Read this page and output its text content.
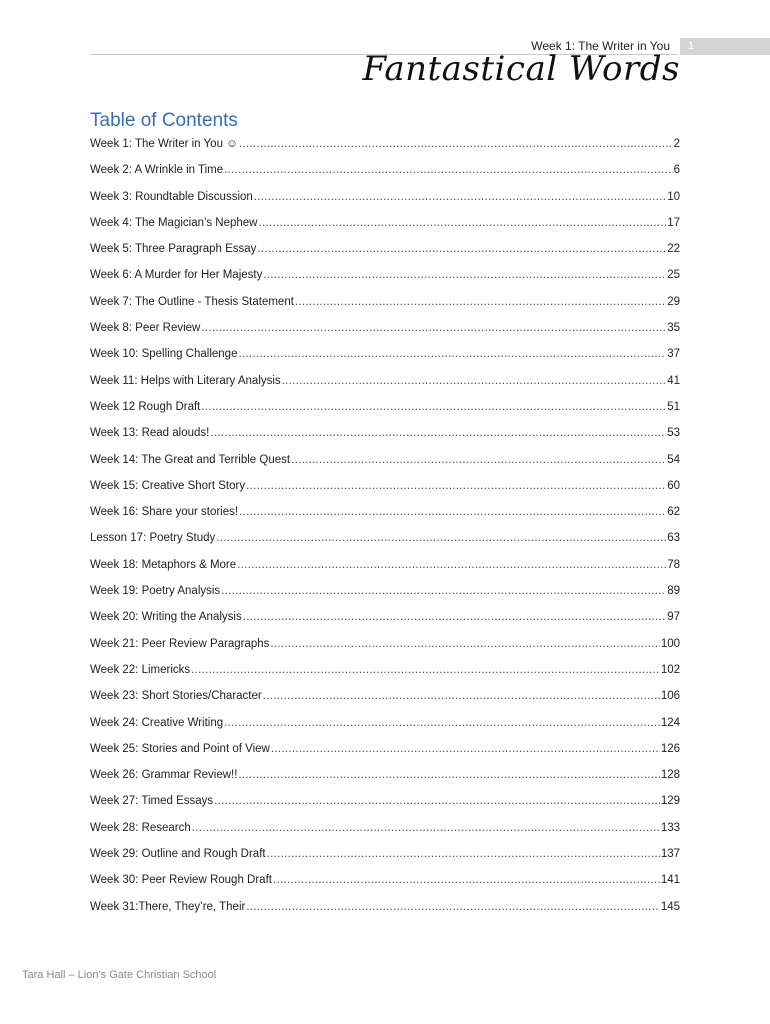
Week 1: The Writer in You	1
Fantastical Words
Table of Contents
Week 1: The Writer in You ☺ .....	2
Week 2: A Wrinkle in Time .....	6
Week 3: Roundtable Discussion .....	10
Week 4: The Magician’s Nephew .....	17
Week 5: Three Paragraph Essay .....	22
Week 6: A Murder for Her Majesty .....	25
Week 7: The Outline - Thesis Statement .....	29
Week 8: Peer Review .....	35
Week 10: Spelling Challenge .....	37
Week 11: Helps with Literary Analysis .....	41
Week 12 Rough Draft .....	51
Week 13: Read alouds! .....	53
Week 14: The Great and Terrible Quest .....	54
Week 15: Creative Short Story .....	60
Week 16: Share your stories! .....	62
Lesson 17: Poetry Study .....	63
Week 18: Metaphors & More .....	78
Week 19: Poetry Analysis .....	89
Week 20: Writing the Analysis .....	97
Week 21: Peer Review Paragraphs .....	100
Week 22: Limericks .....	102
Week 23: Short Stories/Character .....	106
Week 24: Creative Writing .....	124
Week 25: Stories and Point of View .....	126
Week 26: Grammar Review!! .....	128
Week 27: Timed Essays .....	129
Week 28: Research .....	133
Week 29: Outline and Rough Draft .....	137
Week 30: Peer Review Rough Draft .....	141
Week 31:There, They’re, Their .....	145
Tara Hall – Lion’s Gate Christian School
